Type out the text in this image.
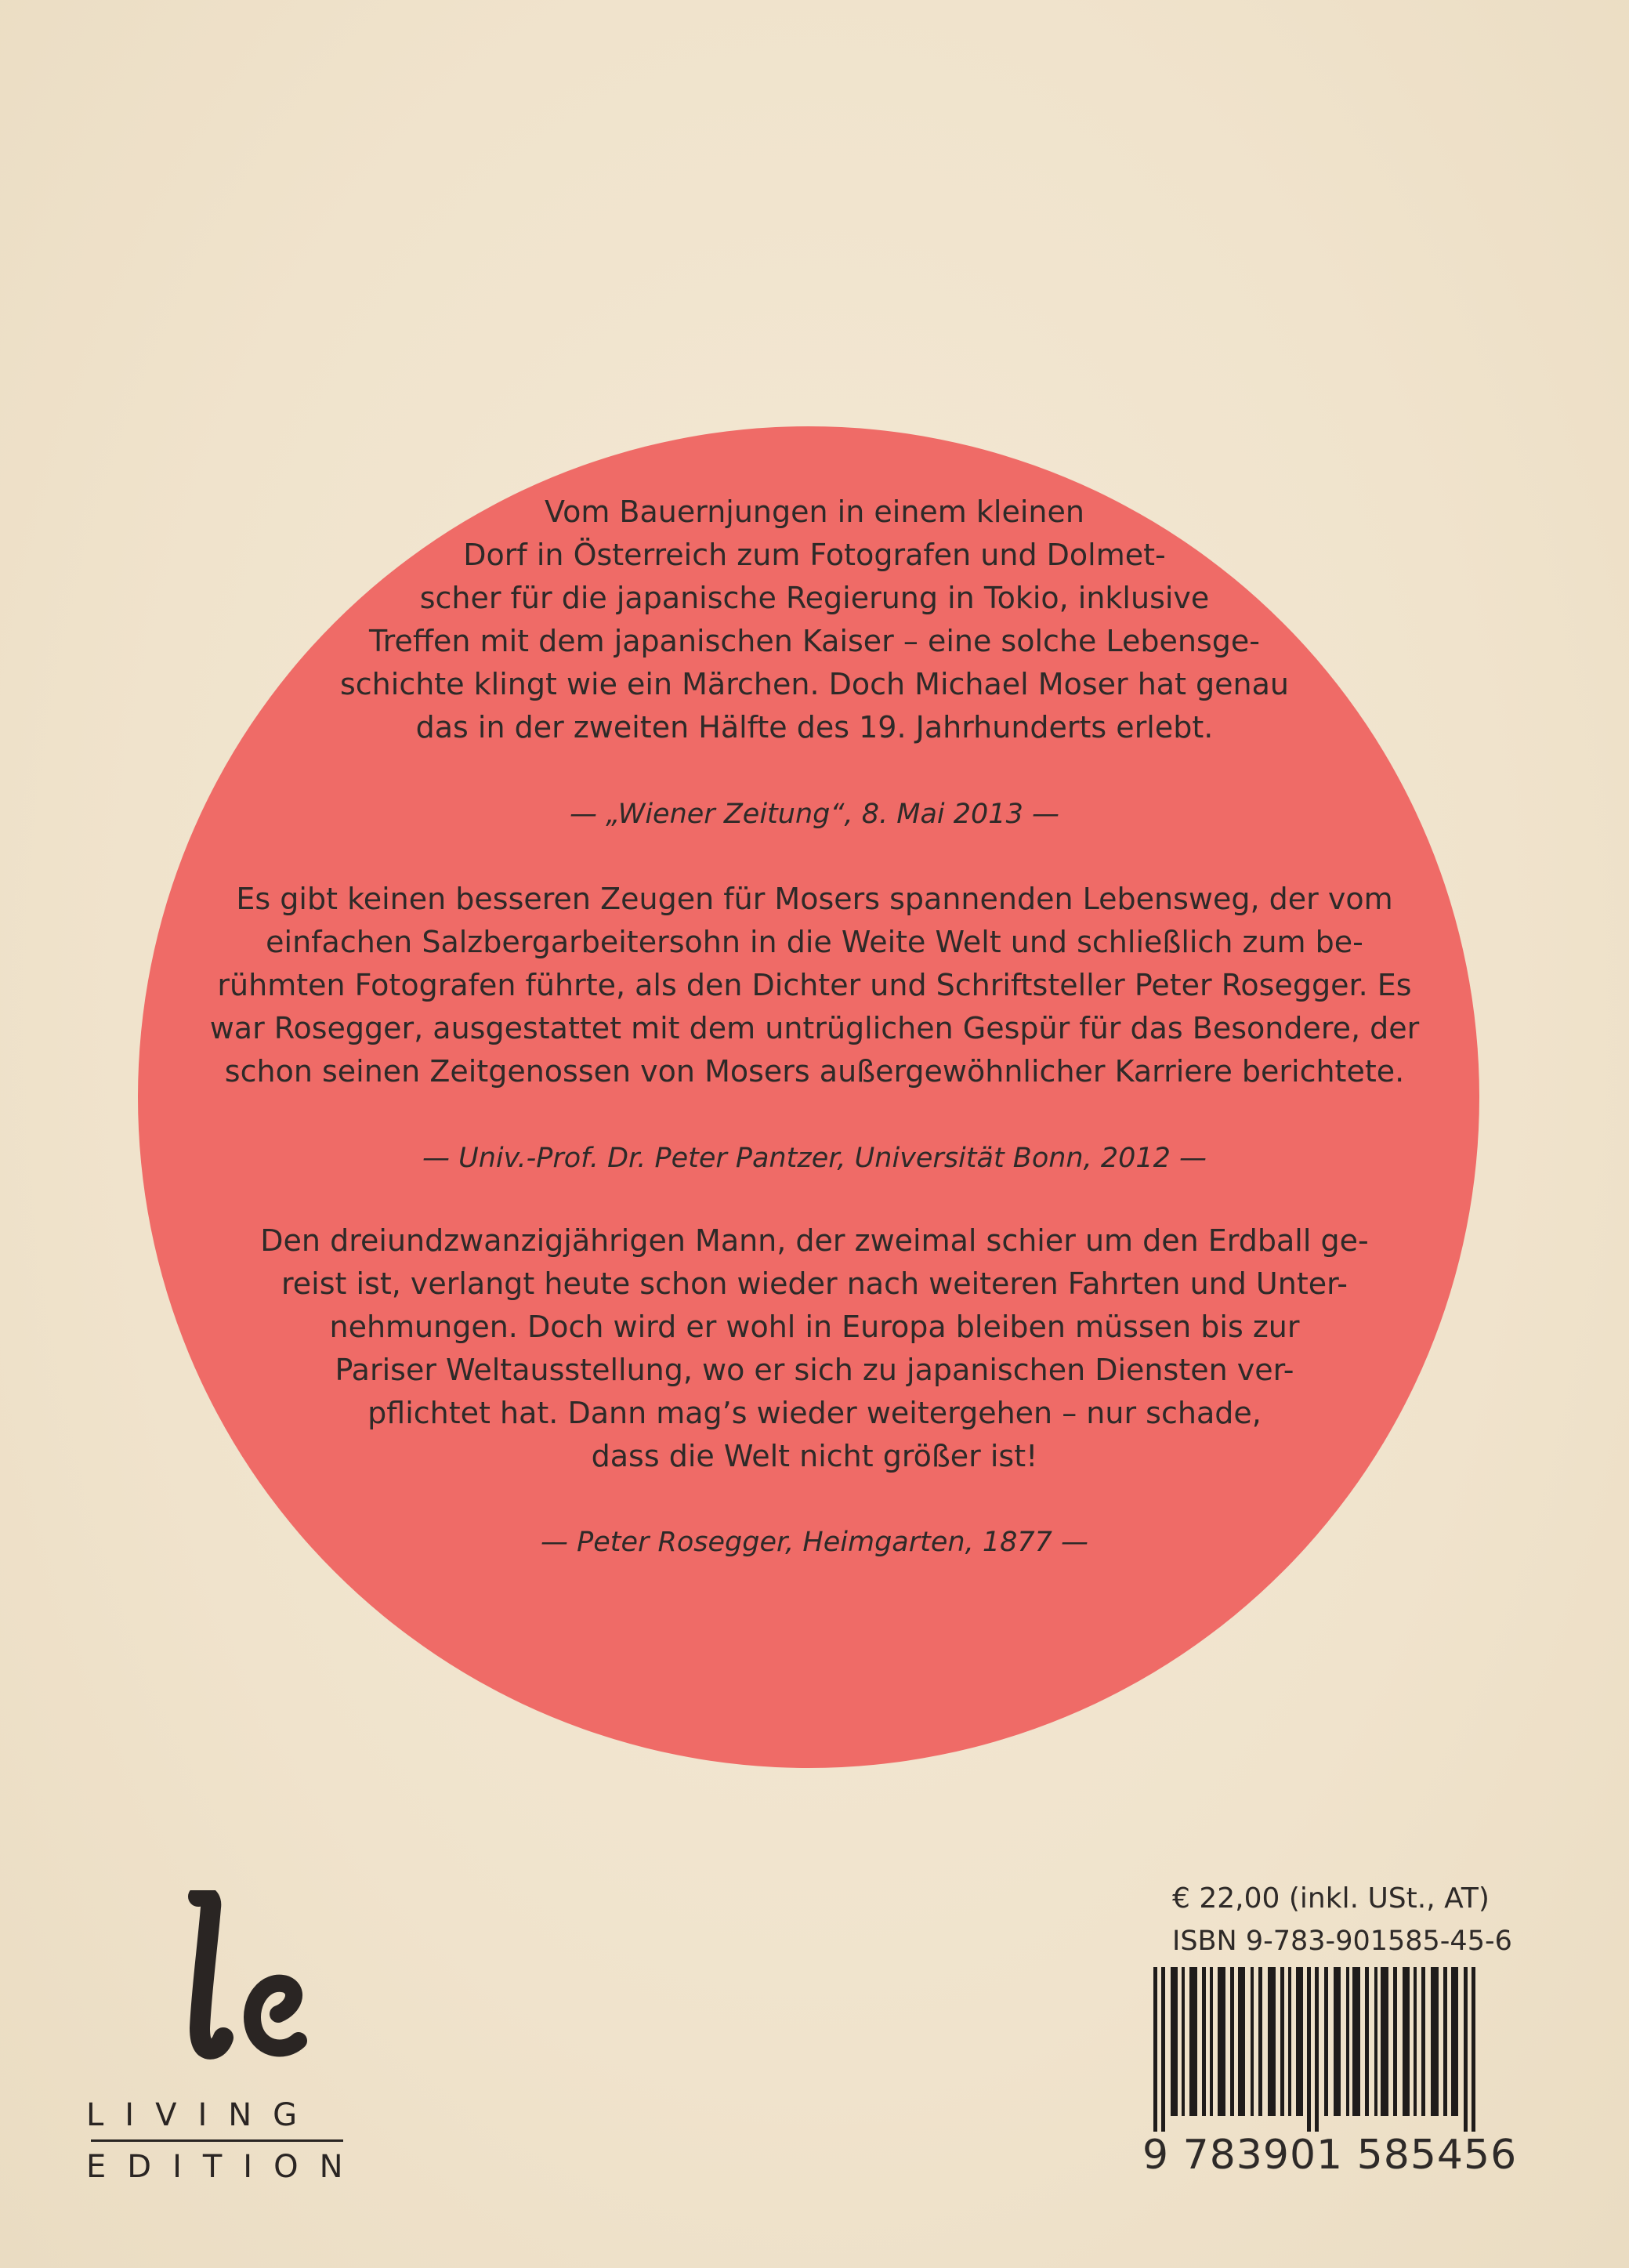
Vom Bauernjungen in einem kleinen
Dorf in Österreich zum Fotografen und Dolmet-
scher für die japanische Regierung in Tokio, inklusive
Treffen mit dem japanischen Kaiser – eine solche Lebensge-
schichte klingt wie ein Märchen. Doch Michael Moser hat genau
das in der zweiten Hälfte des 19. Jahrhunderts erlebt.
— „Wiener Zeitung“, 8. Mai 2013 —
Es gibt keinen besseren Zeugen für Mosers spannenden Lebensweg, der vom
einfachen Salzbergarbeitersohn in die Weite Welt und schließlich zum be-
rühmten Fotografen führte, als den Dichter und Schriftsteller Peter Rosegger. Es
war Rosegger, ausgestattet mit dem untrüglichen Gespür für das Besondere, der
schon seinen Zeitgenossen von Mosers außergewöhnlicher Karriere berichtete.
— Univ.-Prof. Dr. Peter Pantzer, Universität Bonn, 2012 —
Den dreiundzwanzigjährigen Mann, der zweimal schier um den Erdball ge-
reist ist, verlangt heute schon wieder nach weiteren Fahrten und Unter-
nehmungen. Doch wird er wohl in Europa bleiben müssen bis zur
Pariser Weltausstellung, wo er sich zu japanischen Diensten ver-
pflichtet hat. Dann mag’s wieder weitergehen – nur schade,
dass die Welt nicht größer ist!
— Peter Rosegger, Heimgarten, 1877 —
LIVING
EDITION
€ 22,00 (inkl. USt., AT)
ISBN 9-783-901585-45-6
9 783901 585456
